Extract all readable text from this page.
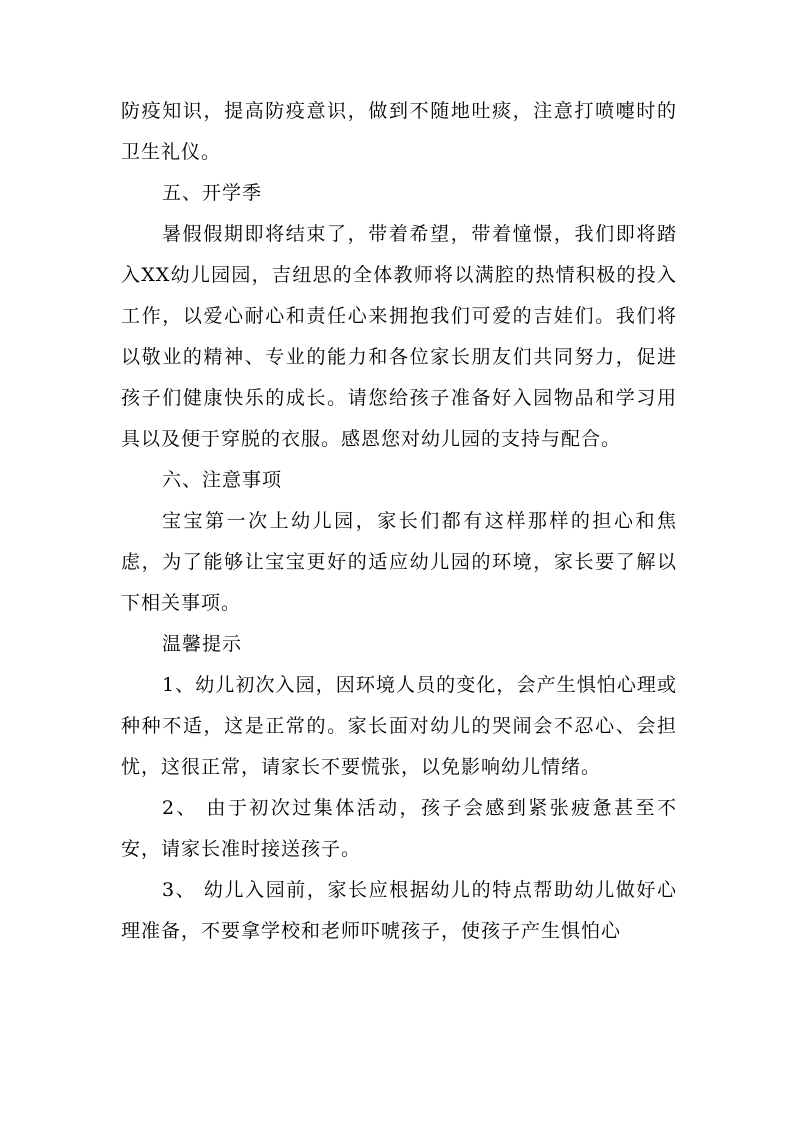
防疫知识，提高防疫意识，做到不随地吐痰，注意打喷嚏时的卫生礼仪。

五、开学季

暑假假期即将结束了，带着希望，带着憧憬，我们即将踏入XX幼儿园园，吉纽思的全体教师将以满腔的热情积极的投入工作，以爱心耐心和责任心来拥抱我们可爱的吉娃们。我们将以敬业的精神、专业的能力和各位家长朋友们共同努力，促进孩子们健康快乐的成长。请您给孩子准备好入园物品和学习用具以及便于穿脱的衣服。感恩您对幼儿园的支持与配合。

六、注意事项

宝宝第一次上幼儿园，家长们都有这样那样的担心和焦虑，为了能够让宝宝更好的适应幼儿园的环境，家长要了解以下相关事项。

温馨提示

1、幼儿初次入园，因环境人员的变化，会产生惧怕心理或种种不适，这是正常的。家长面对幼儿的哭闹会不忍心、会担忧，这很正常，请家长不要慌张，以免影响幼儿情绪。

2、 由于初次过集体活动，孩子会感到紧张疲惫甚至不安，请家长准时接送孩子。

3、 幼儿入园前，家长应根据幼儿的特点帮助幼儿做好心理准备，不要拿学校和老师吓唬孩子，使孩子产生惧怕心
